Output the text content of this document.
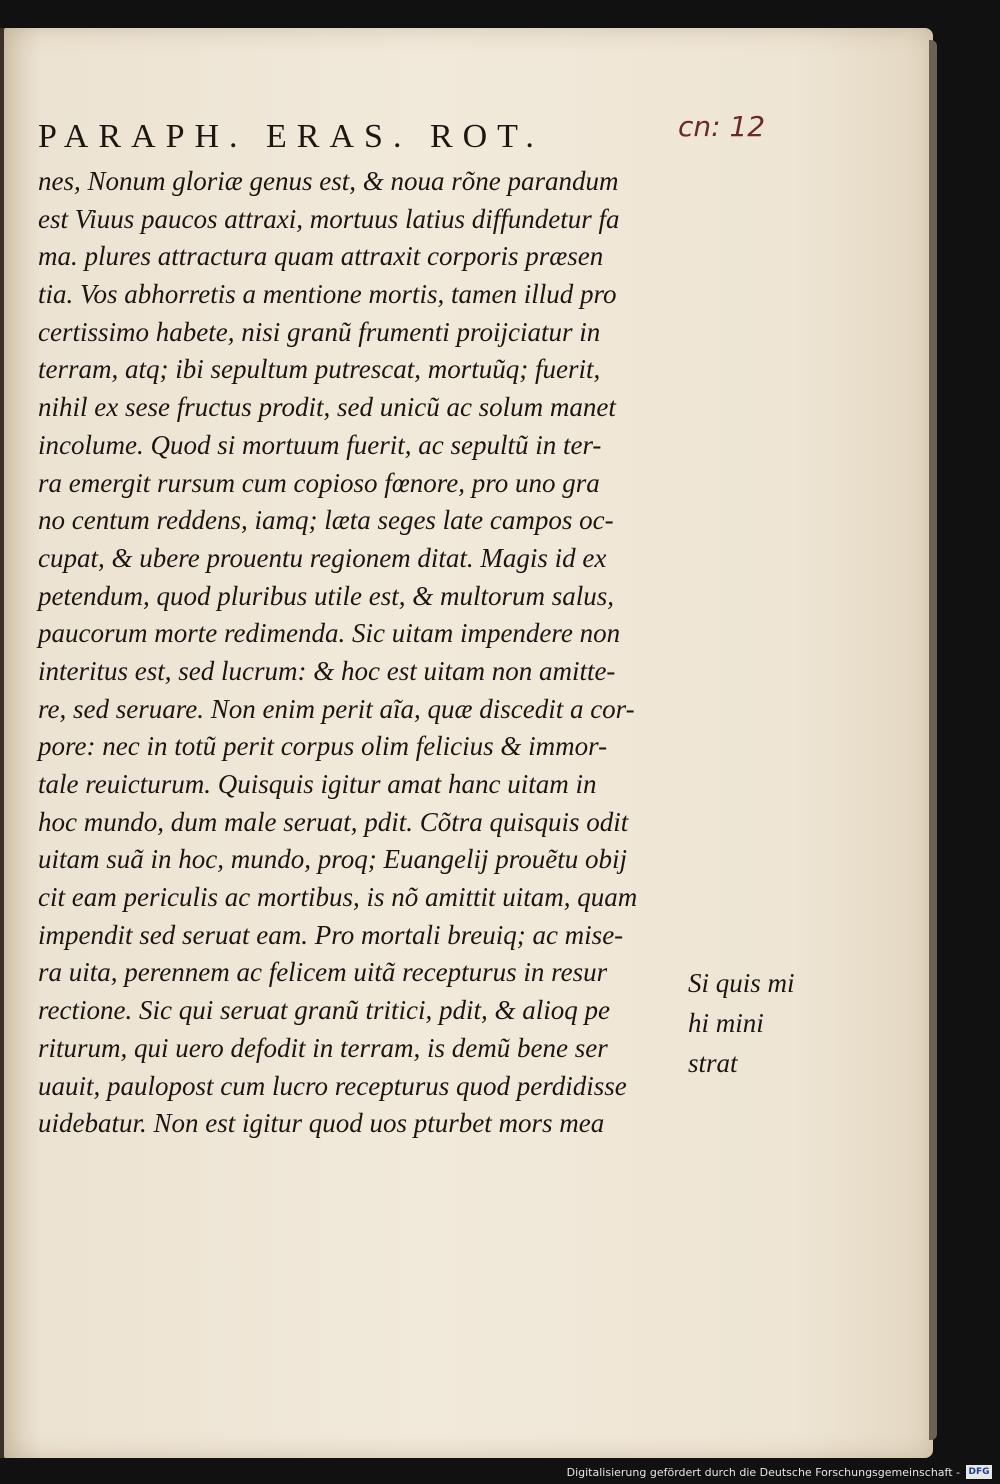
PARAPH. ERAS. ROT.	cn: 12
nes, Nonum gloriæ genus est, & noua rõne parandum
est Viuus paucos attraxi, mortuus latius diffundetur fa
ma. plures attractura quam attraxit corporis præsen
tia. Vos abhorretis a mentione mortis, tamen illud pro
certissimo habete, nisi granũ frumenti proijciatur in
terram, atq; ibi sepultum putrescat, mortuũq; fuerit,
nihil ex sese fructus prodit, sed unicũ ac solum manet
incolume. Quod si mortuum fuerit, ac sepultũ in ter-
ra emergit rursum cum copioso fœnore, pro uno gra
no centum reddens, iamq; læta seges late campos oc-
cupat, & ubere prouentu regionem ditat. Magis id ex
petendum, quod pluribus utile est, & multorum salus,
paucorum morte redimenda. Sic uitam impendere non
interitus est, sed lucrum: & hoc est uitam non amitte-
re, sed seruare. Non enim perit aĩa, quæ discedit a cor-
pore: nec in totũ perit corpus olim felicius & immor-
tale reuicturum. Quisquis igitur amat hanc uitam in
hoc mundo, dum male seruat, pdit. Cõtra quisquis odit
uitam suã in hoc, mundo, proq; Euangelij prouẽtu obij
cit eam periculis ac mortibus, is nõ amittit uitam, quam
impendit sed seruat eam. Pro mortali breuiq; ac mise-
ra uita, perennem ac felicem uitã recepturus in resur
rectione. Sic qui seruat granũ tritici, pdit, & alioq pe
riturum, qui uero defodit in terram, is demũ bene ser
uauit, paulopost cum lucro recepturus quod perdidisse
uidebatur. Non est igitur quod uos pturbet mors mea
Si quis mi
hi mini
strat
Digitalisierung gefördert durch die Deutsche Forschungsgemeinschaft - DFG
